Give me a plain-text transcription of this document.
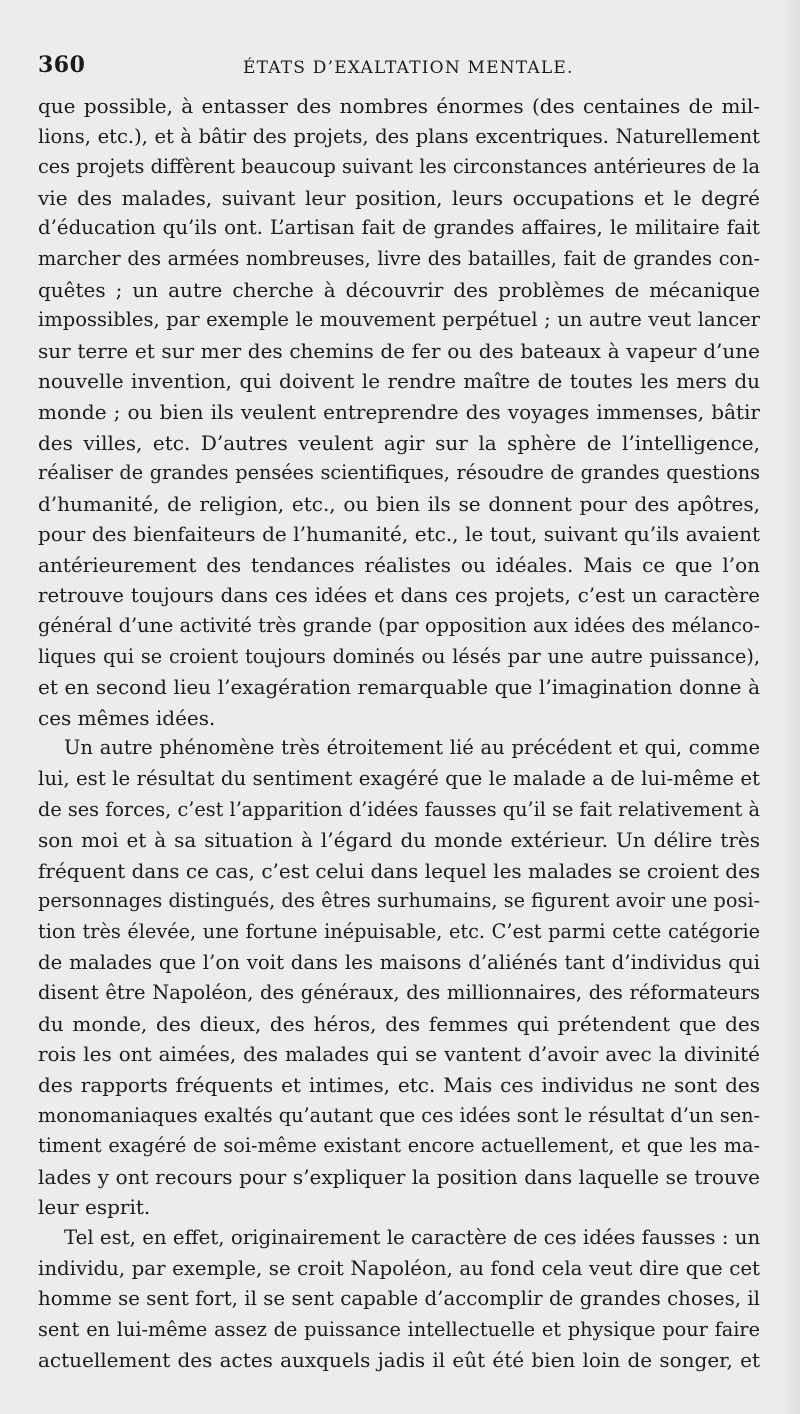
360	ÉTATS D’EXALTATION MENTALE.
que possible, à entasser des nombres énormes (des centaines de mil-
lions, etc.), et à bâtir des projets, des plans excentriques. Naturellement
ces projets diffèrent beaucoup suivant les circonstances antérieures de la
vie des malades, suivant leur position, leurs occupations et le degré
d’éducation qu’ils ont. L’artisan fait de grandes affaires, le militaire fait
marcher des armées nombreuses, livre des batailles, fait de grandes con-
quêtes ; un autre cherche à découvrir des problèmes de mécanique
impossibles, par exemple le mouvement perpétuel ; un autre veut lancer
sur terre et sur mer des chemins de fer ou des bateaux à vapeur d’une
nouvelle invention, qui doivent le rendre maître de toutes les mers du
monde ; ou bien ils veulent entreprendre des voyages immenses, bâtir
des villes, etc. D’autres veulent agir sur la sphère de l’intelligence,
réaliser de grandes pensées scientifiques, résoudre de grandes questions
d’humanité, de religion, etc., ou bien ils se donnent pour des apôtres,
pour des bienfaiteurs de l’humanité, etc., le tout, suivant qu’ils avaient
antérieurement des tendances réalistes ou idéales. Mais ce que l’on
retrouve toujours dans ces idées et dans ces projets, c’est un caractère
général d’une activité très grande (par opposition aux idées des mélanco-
liques qui se croient toujours dominés ou lésés par une autre puissance),
et en second lieu l’exagération remarquable que l’imagination donne à
ces mêmes idées.
Un autre phénomène très étroitement lié au précédent et qui, comme
lui, est le résultat du sentiment exagéré que le malade a de lui-même et
de ses forces, c’est l’apparition d’idées fausses qu’il se fait relativement à
son moi et à sa situation à l’égard du monde extérieur. Un délire très
fréquent dans ce cas, c’est celui dans lequel les malades se croient des
personnages distingués, des êtres surhumains, se figurent avoir une posi-
tion très élevée, une fortune inépuisable, etc. C’est parmi cette catégorie
de malades que l’on voit dans les maisons d’aliénés tant d’individus qui
disent être Napoléon, des généraux, des millionnaires, des réformateurs
du monde, des dieux, des héros, des femmes qui prétendent que des
rois les ont aimées, des malades qui se vantent d’avoir avec la divinité
des rapports fréquents et intimes, etc. Mais ces individus ne sont des
monomaniaques exaltés qu’autant que ces idées sont le résultat d’un sen-
timent exagéré de soi-même existant encore actuellement, et que les ma-
lades y ont recours pour s’expliquer la position dans laquelle se trouve
leur esprit.
Tel est, en effet, originairement le caractère de ces idées fausses : un
individu, par exemple, se croit Napoléon, au fond cela veut dire que cet
homme se sent fort, il se sent capable d’accomplir de grandes choses, il
sent en lui-même assez de puissance intellectuelle et physique pour faire
actuellement des actes auxquels jadis il eût été bien loin de songer, et
